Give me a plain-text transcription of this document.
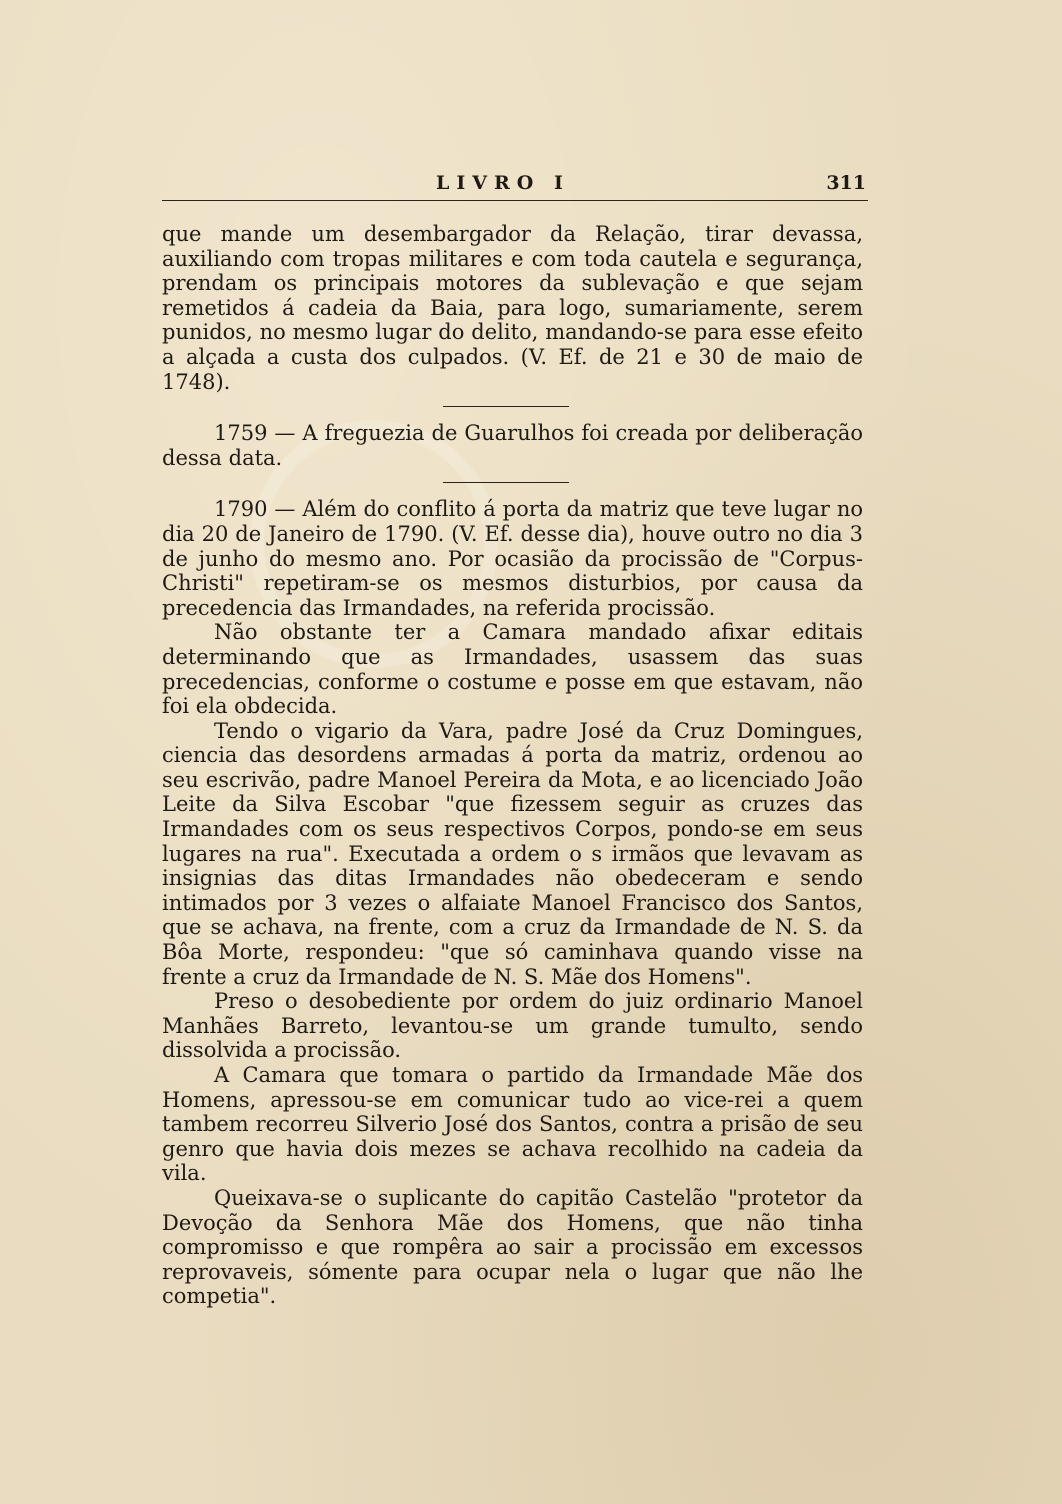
LIVRO I	311

que mande um desembargador da Relação, tirar devassa, auxiliando com tropas militares e com toda cautela e segurança, prendam os principais motores da sublevação e que sejam remetidos á cadeia da Baia, para logo, sumariamente, serem punidos, no mesmo lugar do delito, mandando-se para esse efeito a alçada a custa dos culpados. (V. Ef. de 21 e 30 de maio de 1748).

1759 — A freguezia de Guarulhos foi creada por deliberação dessa data.

1790 — Além do conflito á porta da matriz que teve lugar no dia 20 de Janeiro de 1790. (V. Ef. desse dia), houve outro no dia 3 de junho do mesmo ano. Por ocasião da procissão de "Corpus-Christi" repetiram-se os mesmos disturbios, por causa da precedencia das Irmandades, na referida procissão.

Não obstante ter a Camara mandado afixar editais determinando que as Irmandades, usassem das suas precedencias, conforme o costume e posse em que estavam, não foi ela obdecida.

Tendo o vigario da Vara, padre José da Cruz Domingues, ciencia das desordens armadas á porta da matriz, ordenou ao seu escrivão, padre Manoel Pereira da Mota, e ao licenciado João Leite da Silva Escobar "que fizessem seguir as cruzes das Irmandades com os seus respectivos Corpos, pondo-se em seus lugares na rua". Executada a ordem o s irmãos que levavam as insignias das ditas Irmandades não obedeceram e sendo intimados por 3 vezes o alfaiate Manoel Francisco dos Santos, que se achava, na frente, com a cruz da Irmandade de N. S. da Bôa Morte, respondeu: "que só caminhava quando visse na frente a cruz da Irmandade de N. S. Mãe dos Homens".

Preso o desobediente por ordem do juiz ordinario Manoel Manhães Barreto, levantou-se um grande tumulto, sendo dissolvida a procissão.

A Camara que tomara o partido da Irmandade Mãe dos Homens, apressou-se em comunicar tudo ao vice-rei a quem tambem recorreu Silverio José dos Santos, contra a prisão de seu genro que havia dois mezes se achava recolhido na cadeia da vila.

Queixava-se o suplicante do capitão Castelão "protetor da Devoção da Senhora Mãe dos Homens, que não tinha compromisso e que rompêra ao sair a procissão em excessos reprovaveis, sómente para ocupar nela o lugar que não lhe competia".
